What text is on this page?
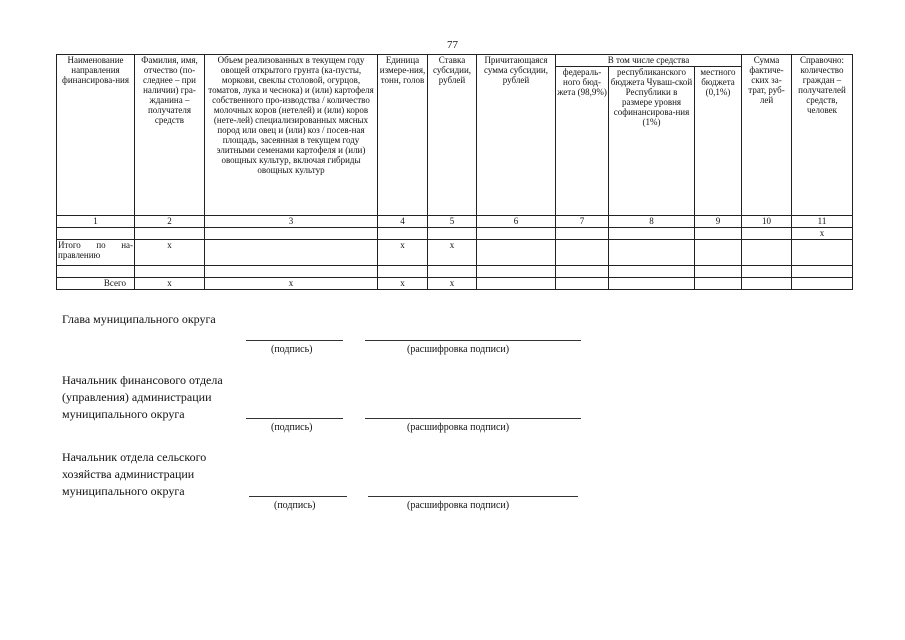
77
Наименование направления финансирова-ния	Фамилия, имя, отчество (по-следнее – при наличии) гра-жданина – получателя средств	Объем реализованных в текущем году овощей открытого грунта (ка-пусты, моркови, свеклы столовой, огурцов, томатов, лука и чеснока) и (или) картофеля собственного про-изводства / количество молочных коров (нетелей) и (или) коров (нете-лей) специализированных мясных пород или овец и (или) коз / посев-ная площадь, засеянная в текущем году элитными семенами картофеля и (или) овощных культур, включая гибриды овощных культур	Единица измере-ния, тонн, голов	Ставка субсидии, рублей	Причитающаяся сумма субсидии, рублей	В том числе средства			Сумма фактиче-ских за-трат, руб-лей	Справочно: количество граждан – получателей средств, человек
						федераль-ного бюд-жета (98,9%)	республиканского бюджета Чуваш-ской Республики в размере уровня софинансирова-ния (1%)	местного бюджета (0,1%)		
1	2	3	4	5	6	7	8	9	10	11
										x
Итого по на-правлению	x		x	x						

Всего	x	x	x	x						
Глава муниципального округа
(подпись)	(расшифровка подписи)
Начальник финансового отдела (управления) администрации муниципального округа
(подпись)	(расшифровка подписи)
Начальник отдела сельского хозяйства администрации муниципального округа
(подпись)	(расшифровка подписи)
